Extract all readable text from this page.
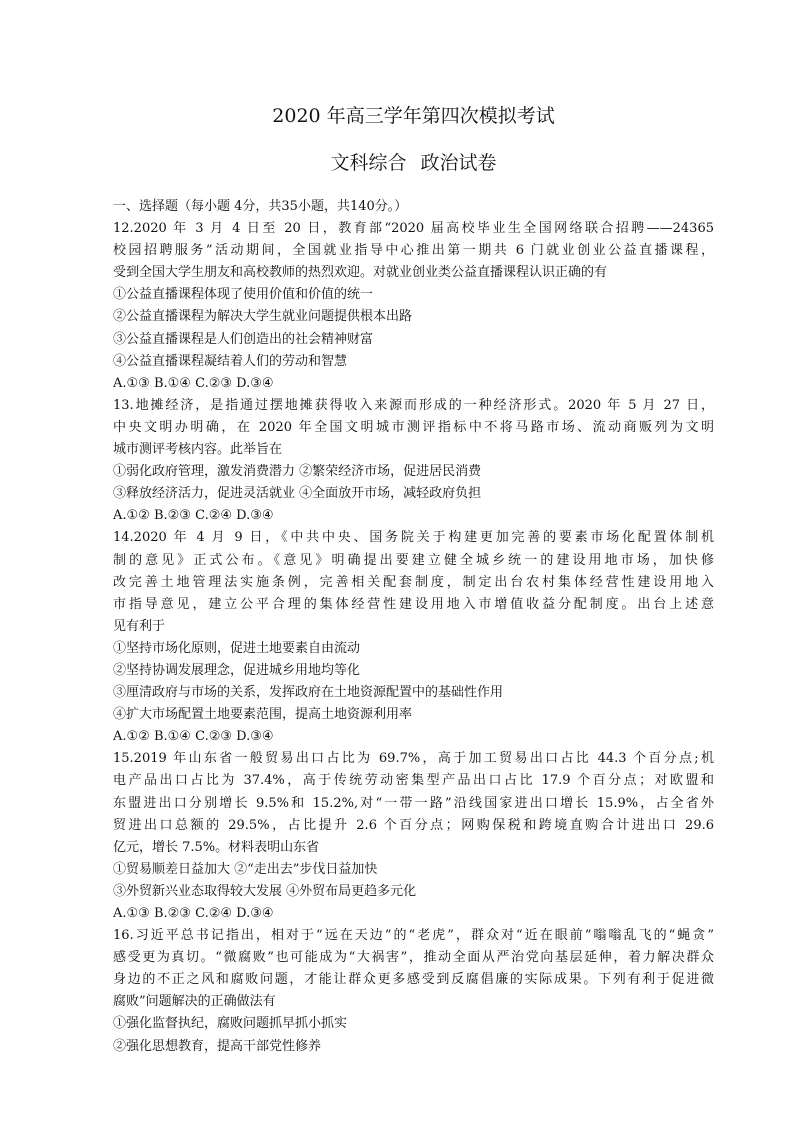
2020 年高三学年第四次模拟考试
文科综合 政治试卷
一、选择题（每小题 4分，共35小题，共140分。）
12.2020 年 3 月 4 日至 20 日，教育部“2020 届高校毕业生全国网络联合招聘——24365
校园招聘服务”活动期间，全国就业指导中心推出第一期共 6 门就业创业公益直播课程，
受到全国大学生朋友和高校教师的热烈欢迎。对就业创业类公益直播课程认识正确的有
①公益直播课程体现了使用价值和价值的统一
②公益直播课程为解决大学生就业问题提供根本出路
③公益直播课程是人们创造出的社会精神财富
④公益直播课程凝结着人们的劳动和智慧
A.①③ B.①④ C.②③ D.③④
13.地摊经济，是指通过摆地摊获得收入来源而形成的一种经济形式。2020 年 5 月 27 日，
中央文明办明确，在 2020 年全国文明城市测评指标中不将马路市场、流动商贩列为文明
城市测评考核内容。此举旨在
①弱化政府管理，激发消费潜力 ②繁荣经济市场，促进居民消费
③释放经济活力，促进灵活就业 ④全面放开市场，减轻政府负担
A.①② B.②③ C.②④ D.③④
14.2020 年 4 月 9 日，《中共中央、国务院关于构建更加完善的要素市场化配置体制机
制的意见》正式公布。《意见》明确提出要建立健全城乡统一的建设用地市场，加快修
改完善土地管理法实施条例，完善相关配套制度，制定出台农村集体经营性建设用地入
市指导意见，建立公平合理的集体经营性建设用地入市增值收益分配制度。出台上述意
见有利于
①坚持市场化原则，促进土地要素自由流动
②坚持协调发展理念，促进城乡用地均等化
③厘清政府与市场的关系，发挥政府在土地资源配置中的基础性作用
④扩大市场配置土地要素范围，提高土地资源利用率
A.①② B.①④ C.②③ D.③④
15.2019 年山东省一般贸易出口占比为 69.7%，高于加工贸易出口占比 44.3 个百分点;机
电产品出口占比为 37.4%，高于传统劳动密集型产品出口占比 17.9 个百分点；对欧盟和
东盟进出口分别增长 9.5%和 15.2%,对“一带一路”沿线国家进出口增长 15.9%，占全省外
贸进出口总额的 29.5%，占比提升 2.6 个百分点；网购保税和跨境直购合计进出口 29.6
亿元，增长 7.5%。材料表明山东省
①贸易顺差日益加大 ②“走出去”步伐日益加快
③外贸新兴业态取得较大发展 ④外贸布局更趋多元化
A.①③ B.②③ C.②④ D.③④
16.习近平总书记指出，相对于“远在天边”的“老虎”，群众对“近在眼前”嗡嗡乱飞的“蝇贪”
感受更为真切。“微腐败”也可能成为“大祸害”，推动全面从严治党向基层延伸，着力解决群众
身边的不正之风和腐败问题，才能让群众更多感受到反腐倡廉的实际成果。下列有利于促进微
腐败”问题解决的正确做法有
①强化监督执纪，腐败问题抓早抓小抓实
②强化思想教育，提高干部党性修养
